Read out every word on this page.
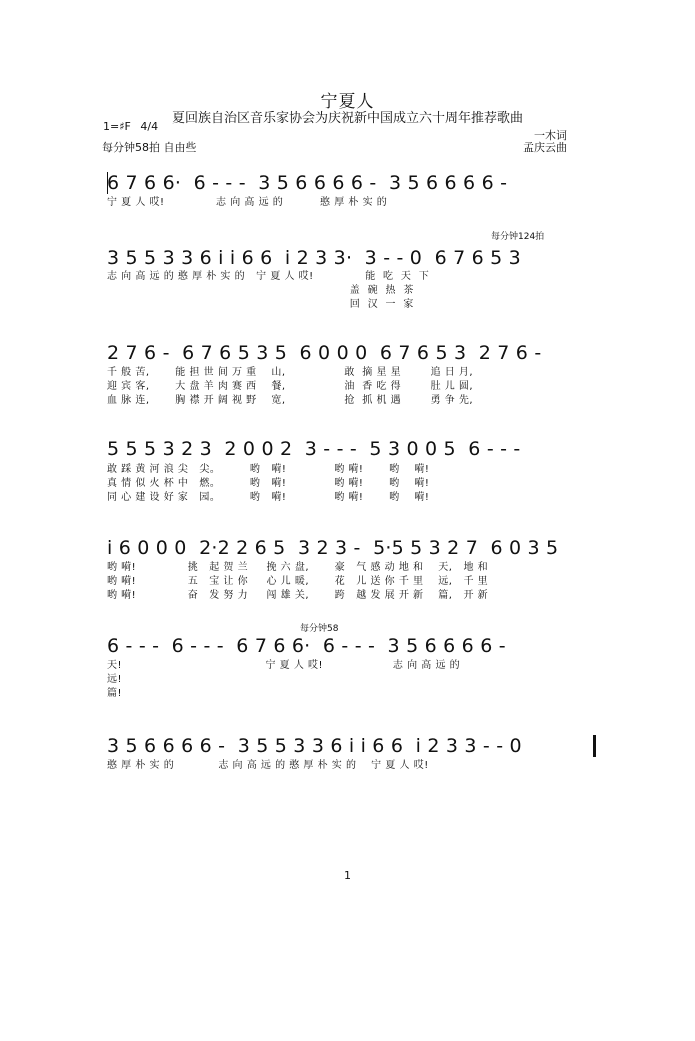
宁夏人
夏回族自治区音乐家协会为庆祝新中国成立六十周年推荐歌曲
1=♯F 4/4
每分钟58拍 自由些
一木词
孟庆云曲
6 7 6 6·  6 - - -  3 5 6 6 6 6 -  3 5 6 6 6 6 -
宁 夏 人 哎!              志 向 高 远 的          憨 厚 朴 实 的
每分钟124拍
3 5 5 3 3 6 i i 6 6  i 2 3 3·  3 - - 0  6 7 6 5 3
志 向 高 远 的 憨 厚 朴 实 的   宁 夏 人 哎!              能  吃  天  下
盖  碗  热  茶
回  汉  一  家
2 7 6 -  6 7 6 5 3 5  6 0 0 0  6 7 6 5 3  2 7 6 -
千 般 苦,       能 担 世 间 万 重    山,                敢  摘 星 星        追 日 月,
迎 宾 客,       大 盘 羊 肉 赛 西    餐,                油  香 吃 得        肚 儿 圆,
血 脉 连,       胸 襟 开 阔 视 野    宽,                抢  抓 机 遇        勇 争 先,
5 5 5 3 2 3  2 0 0 2  3 - - -  5 3 0 0 5  6 - - -
敢 踩 黄 河 浪 尖   尖。        哟   嗬!             哟 嗬!       哟    嗬!
真 情 似 火 杯 中   燃。        哟   嗬!             哟 嗬!       哟    嗬!
同 心 建 设 好 家   园。        哟   嗬!             哟 嗬!       哟    嗬!
i 6 0 0 0  2·2 2 6 5  3 2 3 -  5·5 5 3 2 7  6 0 3 5
哟 嗬!              挑   起 贺 兰     挽 六 盘,       豪   气 感 动 地 和    天,   地 和
哟 嗬!              五   宝 让 你     心 儿 暖,       花   儿 送 你 千 里    远,   千 里
哟 嗬!              奋   发 努 力     闯 雄 关,       跨   越 发 展 开 新    篇,   开 新
每分钟58
6 - - -  6 - - -  6 7 6 6·  6 - - -  3 5 6 6 6 6 -
天!                                       宁 夏 人 哎!                   志 向 高 远 的
远!
篇!
3 5 6 6 6 6 -  3 5 5 3 3 6 i i 6 6  i 2 3 3 - - 0
憨 厚 朴 实 的            志 向 高 远 的 憨 厚 朴 实 的    宁 夏 人 哎!
1
